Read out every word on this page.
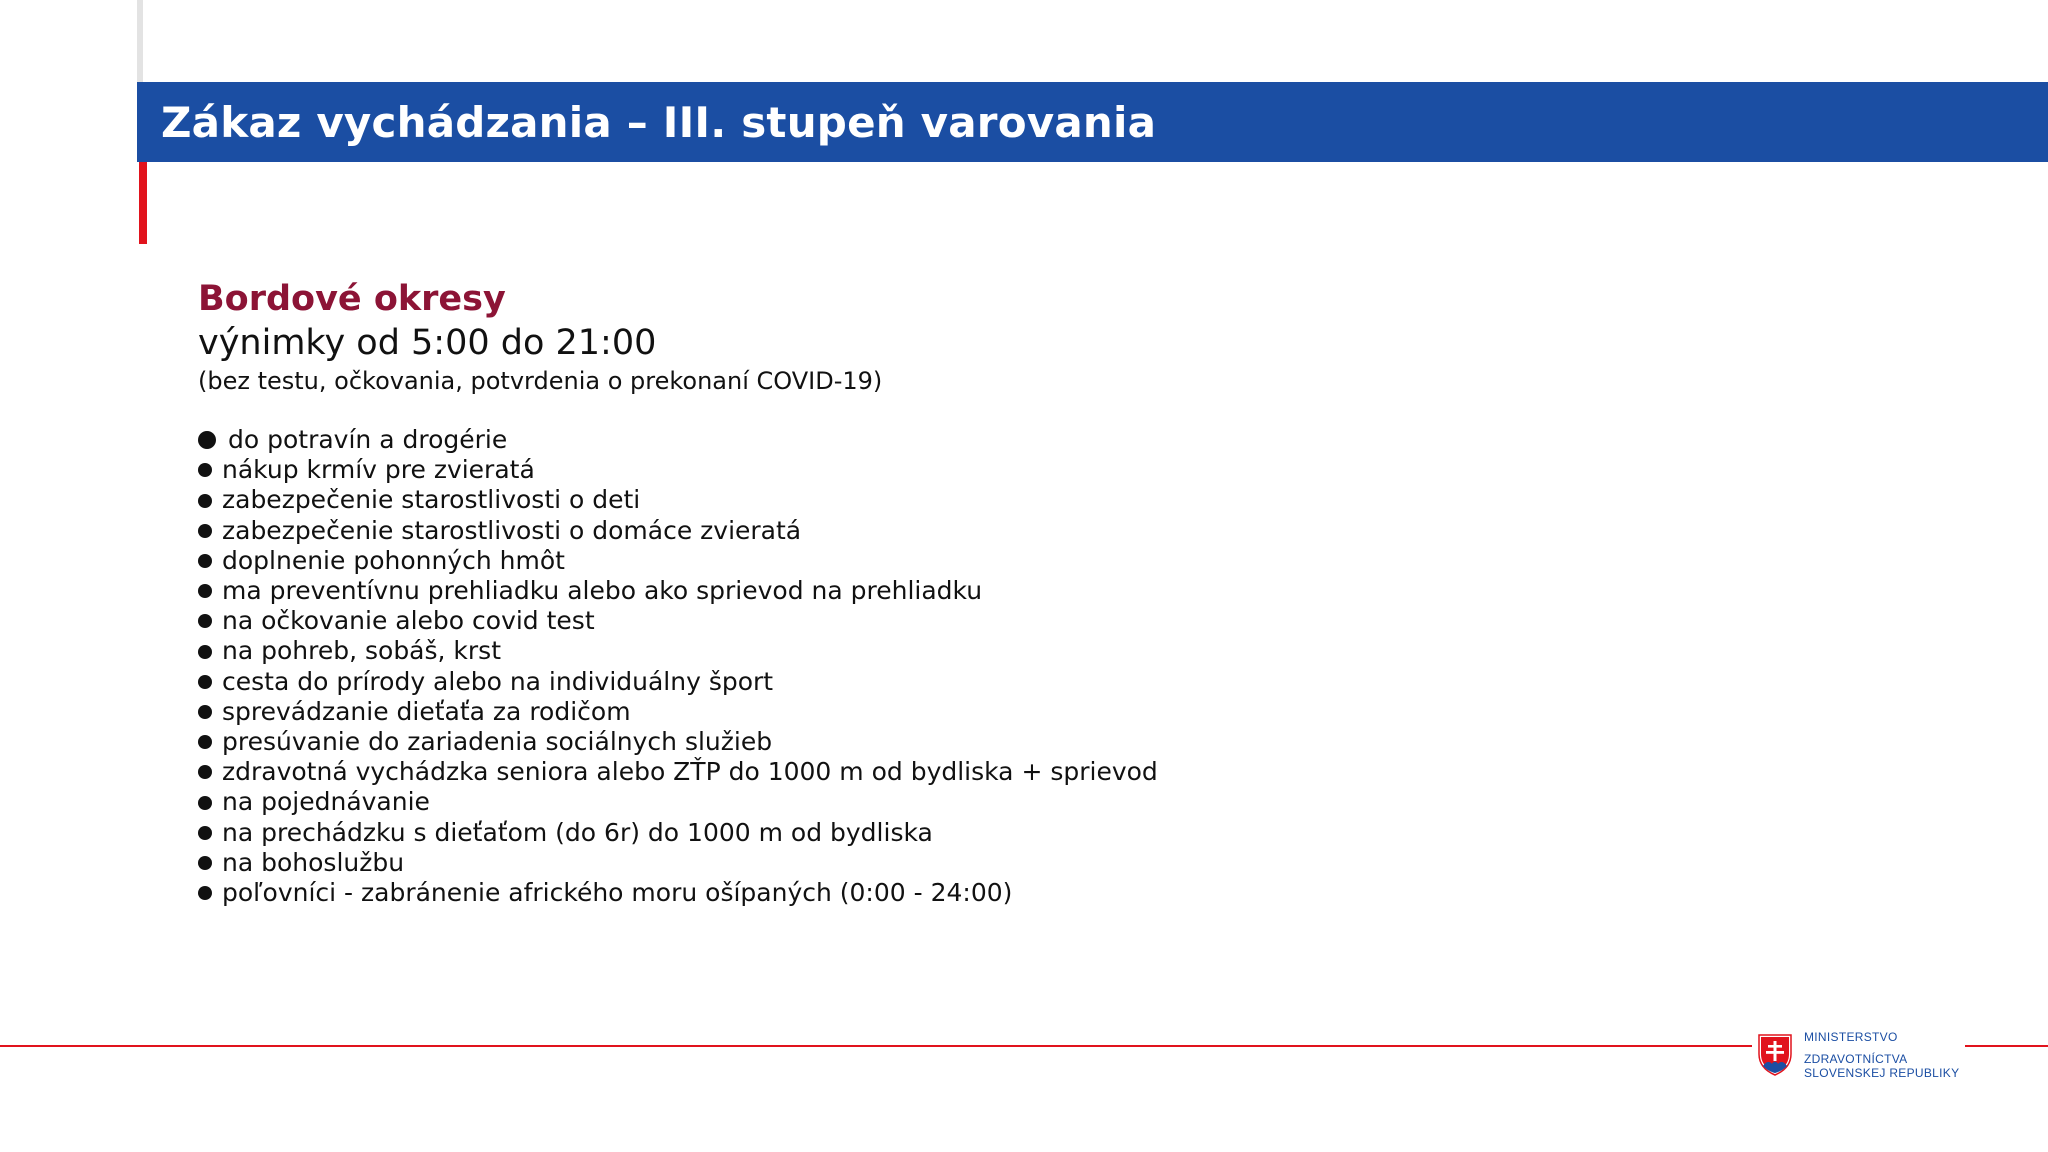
Zákaz vychádzania – III. stupeň varovania
Bordové okresy
výnimky od 5:00 do 21:00
(bez testu, očkovania, potvrdenia o prekonaní COVID-19)
do potravín a drogérie
nákup krmív pre zvieratá
zabezpečenie starostlivosti o deti
zabezpečenie starostlivosti o domáce zvieratá
doplnenie pohonných hmôt
ma preventívnu prehliadku alebo ako sprievod na prehliadku
na očkovanie alebo covid test
na pohreb, sobáš, krst
cesta do prírody alebo na individuálny šport
sprevádzanie dieťaťa za rodičom
presúvanie do zariadenia sociálnych služieb
zdravotná vychádzka seniora alebo ZŤP do 1000 m od bydliska + sprievod
na pojednávanie
na prechádzku s dieťaťom (do 6r) do 1000 m od bydliska
na bohoslužbu
poľovníci - zabránenie afrického moru ošípaných (0:00 - 24:00)
MINISTERSTVO
ZDRAVOTNÍCTVA
SLOVENSKEJ REPUBLIKY
